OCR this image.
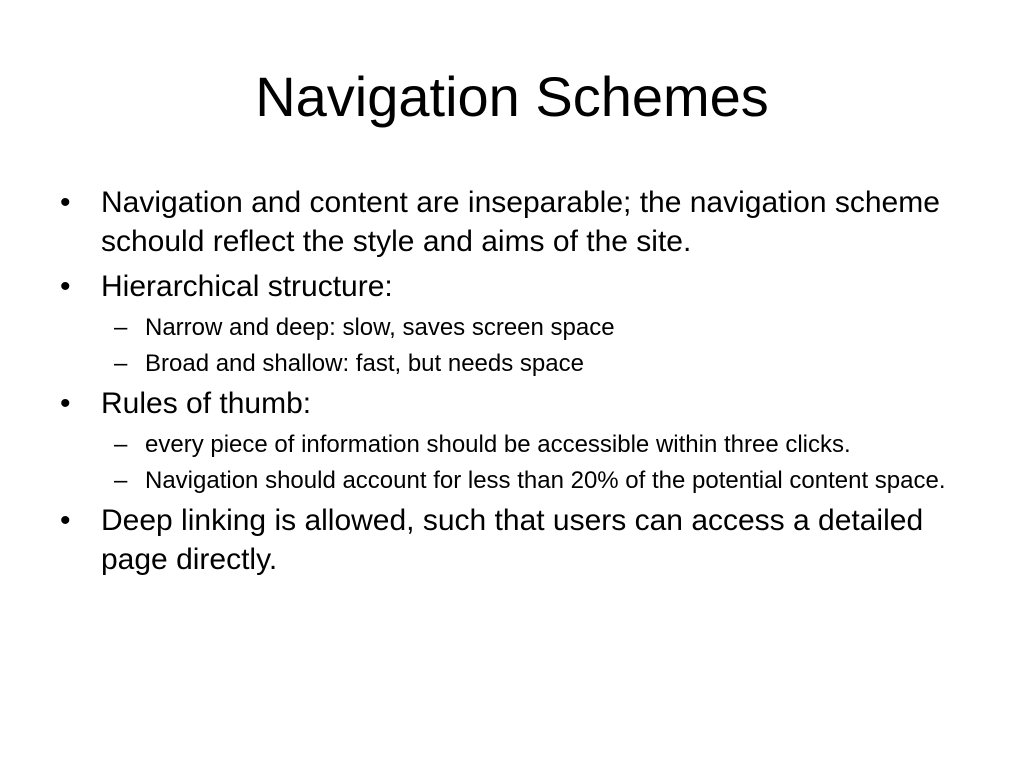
Navigation Schemes
• Navigation and content are inseparable; the navigation scheme schould reflect the style and aims of the site.
• Hierarchical structure:
– Narrow and deep: slow, saves screen space
– Broad and shallow: fast, but needs space
• Rules of thumb:
– every piece of information should be accessible within three clicks.
– Navigation should account for less than 20% of the potential content space.
• Deep linking is allowed, such that users can access a detailed page directly.
